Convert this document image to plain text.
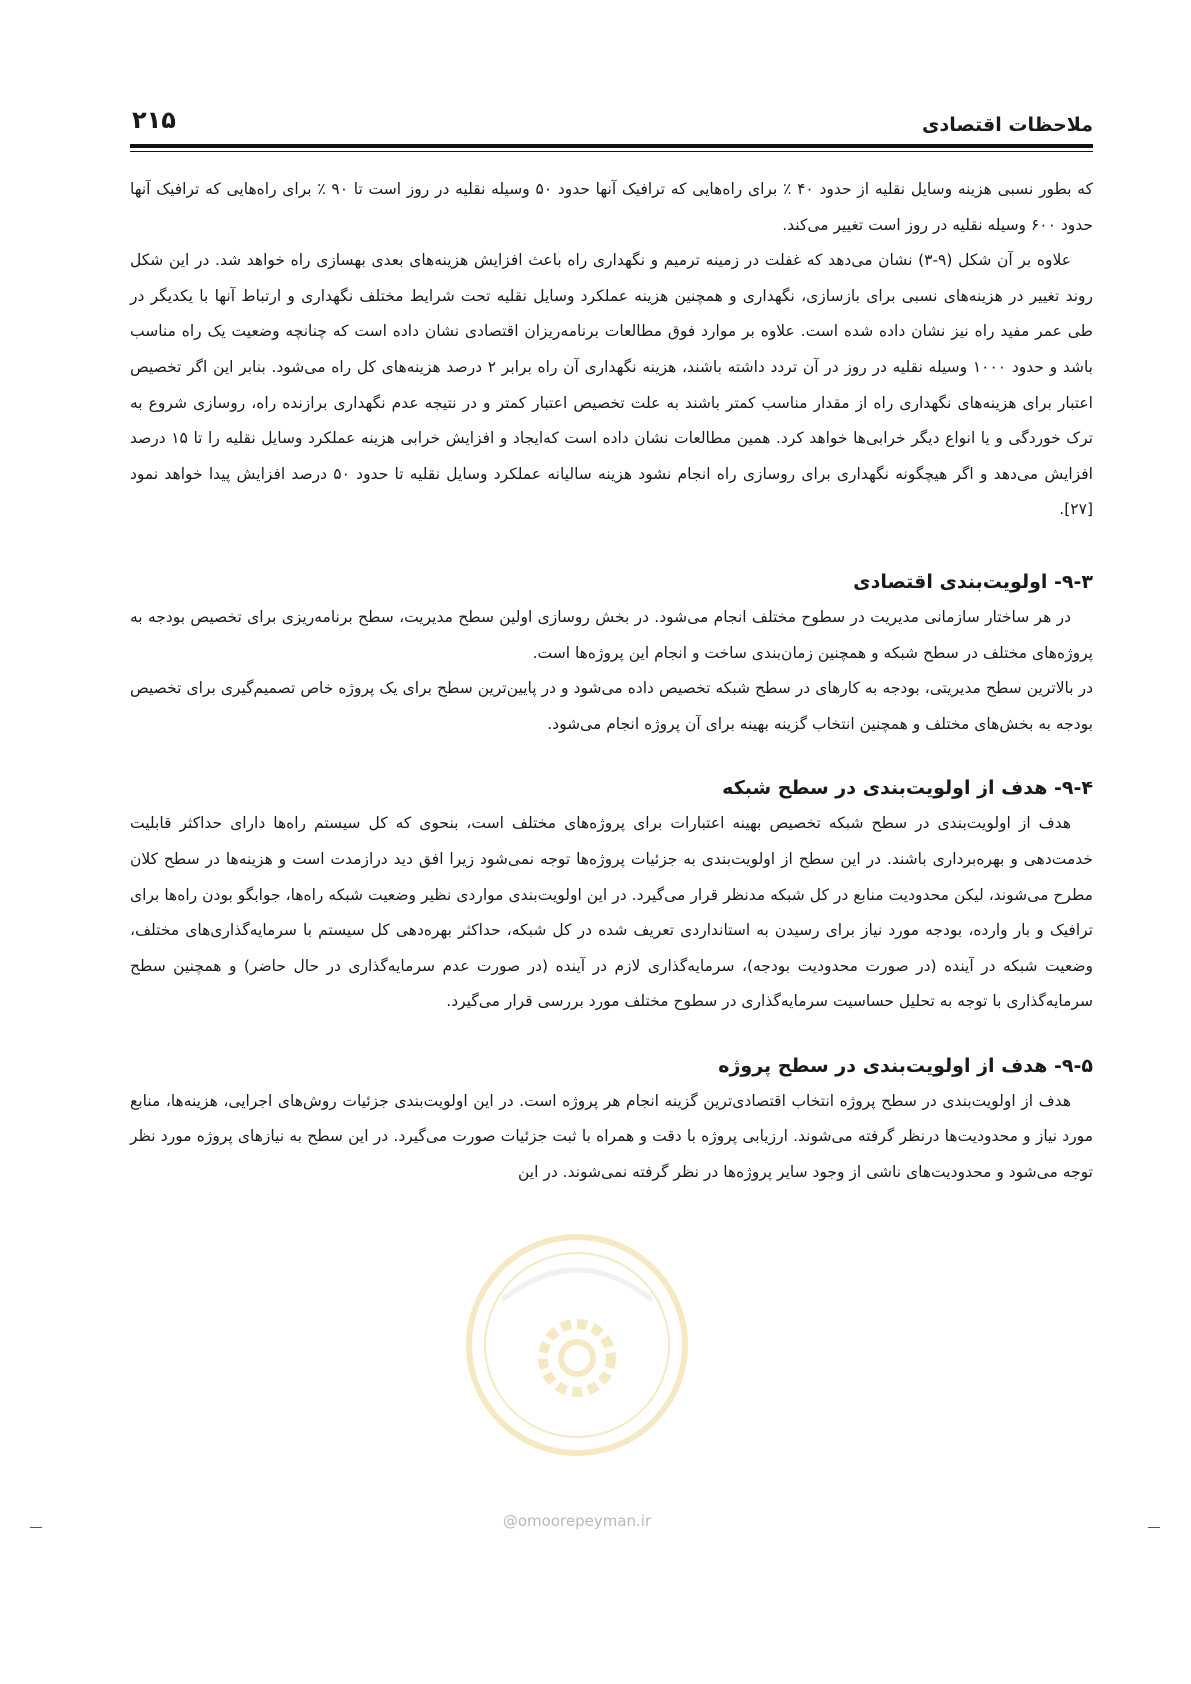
۲۱۵	ملاحظات اقتصادی

که بطور نسبی هزینه وسایل نقلیه از حدود ۴۰ ٪ برای راه‌هایی که ترافیک آنها حدود ۵۰ وسیله نقلیه در روز است تا ۹۰ ٪ برای راه‌هایی که ترافیک آنها حدود ۶۰۰ وسیله نقلیه در روز است تغییر می‌کند.

علاوه بر آن شکل (۹-۳) نشان می‌دهد که غفلت در زمینه ترمیم و نگهداری راه باعث افزایش هزینه‌های بعدی بهسازی راه خواهد شد. در این شکل روند تغییر در هزینه‌های نسبی برای بازسازی، نگهداری و همچنین هزینه عملکرد وسایل نقلیه تحت شرایط مختلف نگهداری و ارتباط آنها با یکدیگر در طی عمر مفید راه نیز نشان داده شده است. علاوه بر موارد فوق مطالعات برنامه‌ریزان اقتصادی نشان داده است که چنانچه وضعیت یک راه مناسب باشد و حدود ۱۰۰۰ وسیله نقلیه در روز در آن تردد داشته باشند، هزینه نگهداری آن راه برابر ۲ درصد هزینه‌های کل راه می‌شود. بنابر این اگر تخصیص اعتبار برای هزینه‌های نگهداری راه از مقدار مناسب کمتر باشند به علت تخصیص اعتبار کمتر و در نتیجه عدم نگهداری برازنده راه، روسازی شروع به ترک خوردگی و یا انواع دیگر خرابی‌ها خواهد کرد. همین مطالعات نشان داده است که‌ایجاد و افزایش خرابی هزینه عملکرد وسایل نقلیه را تا ۱۵ درصد افزایش می‌دهد و اگر هیچگونه نگهداری برای روسازی راه انجام نشود هزینه سالیانه عملکرد وسایل نقلیه تا حدود ۵۰ درصد افزایش پیدا خواهد نمود [۲۷].

۹-۳- اولویت‌بندی اقتصادی

در هر ساختار سازمانی مدیریت در سطوح مختلف انجام می‌شود. در بخش روسازی اولین سطح مدیریت، سطح برنامه‌ریزی برای تخصیص بودجه به پروژه‌های مختلف در سطح شبکه و همچنین زمان‌بندی ساخت و انجام این پروژه‌ها است.

در بالاترین سطح مدیریتی، بودجه به کارهای در سطح شبکه تخصیص داده می‌شود و در پایین‌ترین سطح برای یک پروژه خاص تصمیم‌گیری برای تخصیص بودجه به بخش‌های مختلف و همچنین انتخاب گزینه بهینه برای آن پروژه انجام می‌شود.

۹-۴- هدف از اولویت‌بندی در سطح شبکه

هدف از اولویت‌بندی در سطح شبکه تخصیص بهینه اعتبارات برای پروژه‌های مختلف است، بنحوی که کل سیستم راه‌ها دارای حداکثر قابلیت خدمت‌دهی و بهره‌برداری باشند. در این سطح از اولویت‌بندی به جزئیات پروژه‌ها توجه نمی‌شود زیرا افق دید درازمدت است و هزینه‌ها در سطح کلان مطرح می‌شوند، لیکن محدودیت منابع در کل شبکه مدنظر قرار می‌گیرد. در این اولویت‌بندی مواردی نظیر وضعیت شبکه راه‌ها، جوابگو بودن راه‌ها برای ترافیک و بار وارده، بودجه مورد نیاز برای رسیدن به استانداردی تعریف شده در کل شبکه، حداکثر بهره‌دهی کل سیستم با سرمایه‌گذاری‌های مختلف، وضعیت شبکه در آینده (در صورت محدودیت بودجه)، سرمایه‌گذاری لازم در آینده (در صورت عدم سرمایه‌گذاری در حال حاضر) و همچنین سطح سرمایه‌گذاری با توجه به تحلیل حساسیت سرمایه‌گذاری در سطوح مختلف مورد بررسی قرار می‌گیرد.

۹-۵- هدف از اولویت‌بندی در سطح پروژه

هدف از اولویت‌بندی در سطح پروژه انتخاب اقتصادی‌ترین گزینه انجام هر پروژه است. در این اولویت‌بندی جزئیات روش‌های اجرایی، هزینه‌ها، منابع مورد نیاز و محدودیت‌ها درنظر گرفته می‌شوند. ارزیابی پروژه با دقت و همراه با ثبت جزئیات صورت می‌گیرد. در این سطح به نیازهای پروژه مورد نظر توجه می‌شود و محدودیت‌های ناشی از وجود سایر پروژه‌ها در نظر گرفته نمی‌شوند. در این

@omoorepeyman.ir
